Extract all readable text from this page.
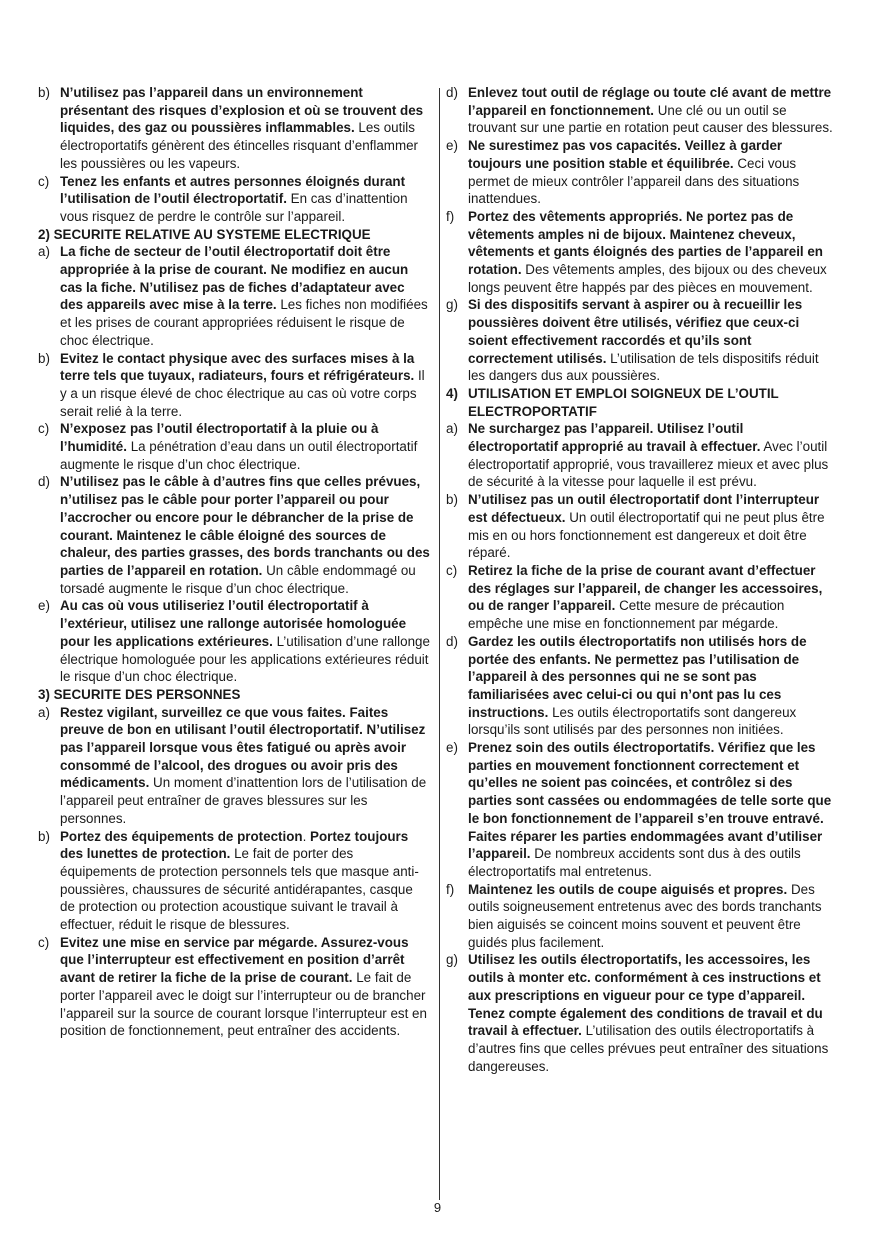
b) N’utilisez pas l’appareil dans un environnement présentant des risques d’explosion et où se trouvent des liquides, des gaz ou poussières inflammables. Les outils électroportatifs génèrent des étincelles risquant d’enflammer les poussières ou les vapeurs.
c) Tenez les enfants et autres personnes éloignés durant l’utilisation de l’outil électroportatif. En cas d’inattention vous risquez de perdre le contrôle sur l’appareil.
2) SECURITE RELATIVE AU SYSTEME ELECTRIQUE
a) La fiche de secteur de l’outil électroportatif doit être appropriée à la prise de courant. Ne modifiez en aucun cas la fiche. N’utilisez pas de fiches d’adaptateur avec des appareils avec mise à la terre. Les fiches non modifiées et les prises de courant appropriées réduisent le risque de choc électrique.
b) Evitez le contact physique avec des surfaces mises à la terre tels que tuyaux, radiateurs, fours et réfrigérateurs. Il y a un risque élevé de choc électrique au cas où votre corps serait relié à la terre.
c) N’exposez pas l’outil électroportatif à la pluie ou à l’humidité. La pénétration d’eau dans un outil électroportatif augmente le risque d’un choc électrique.
d) N’utilisez pas le câble à d’autres fins que celles prévues, n’utilisez pas le câble pour porter l’appareil ou pour l’accrocher ou encore pour le débrancher de la prise de courant. Maintenez le câble éloigné des sources de chaleur, des parties grasses, des bords tranchants ou des parties de l’appareil en rotation. Un câble endommagé ou torsadé augmente le risque d’un choc électrique.
e) Au cas où vous utiliseriez l’outil électroportatif à l’extérieur, utilisez une rallonge autorisée homologuée pour les applications extérieures. L’utilisation d’une rallonge électrique homologuée pour les applications extérieures réduit le risque d’un choc électrique.
3) SECURITE DES PERSONNES
a) Restez vigilant, surveillez ce que vous faites. Faites preuve de bon en utilisant l’outil électroportatif. N’utilisez pas l’appareil lorsque vous êtes fatigué ou après avoir consommé de l’alcool, des drogues ou avoir pris des médicaments. Un moment d’inattention lors de l’utilisation de l’appareil peut entraîner de graves blessures sur les personnes.
b) Portez des équipements de protection. Portez toujours des lunettes de protection. Le fait de porter des équipements de protection personnels tels que masque anti-poussières, chaussures de sécurité antidérapantes, casque de protection ou protection acoustique suivant le travail à effectuer, réduit le risque de blessures.
c) Evitez une mise en service par mégarde. Assurez-vous que l’interrupteur est effectivement en position d’arrêt avant de retirer la fiche de la prise de courant. Le fait de porter l’appareil avec le doigt sur l’interrupteur ou de brancher l’appareil sur la source de courant lorsque l’interrupteur est en position de fonctionnement, peut entraîner des accidents.
d) Enlevez tout outil de réglage ou toute clé avant de mettre l’appareil en fonctionnement. Une clé ou un outil se trouvant sur une partie en rotation peut causer des blessures.
e) Ne surestimez pas vos capacités. Veillez à garder toujours une position stable et équilibrée. Ceci vous permet de mieux contrôler l’appareil dans des situations inattendues.
f) Portez des vêtements appropriés. Ne portez pas de vêtements amples ni de bijoux. Maintenez cheveux, vêtements et gants éloignés des parties de l’appareil en rotation. Des vêtements amples, des bijoux ou des cheveux longs peuvent être happés par des pièces en mouvement.
g) Si des dispositifs servant à aspirer ou à recueillir les poussières doivent être utilisés, vérifiez que ceux-ci soient effectivement raccordés et qu’ils sont correctement utilisés. L’utilisation de tels dispositifs réduit les dangers dus aux poussières.
4) UTILISATION ET EMPLOI SOIGNEUX DE L’OUTIL ELECTROPORTATIF
a) Ne surchargez pas l’appareil. Utilisez l’outil électroportatif approprié au travail à effectuer. Avec l’outil électroportatif approprié, vous travaillerez mieux et avec plus de sécurité à la vitesse pour laquelle il est prévu.
b) N’utilisez pas un outil électroportatif dont l’interrupteur est défectueux. Un outil électroportatif qui ne peut plus être mis en ou hors fonctionnement est dangereux et doit être réparé.
c) Retirez la fiche de la prise de courant avant d’effectuer des réglages sur l’appareil, de changer les accessoires, ou de ranger l’appareil. Cette mesure de précaution empêche une mise en fonctionnement par mégarde.
d) Gardez les outils électroportatifs non utilisés hors de portée des enfants. Ne permettez pas l’utilisation de l’appareil à des personnes qui ne se sont pas familiarisées avec celui-ci ou qui n’ont pas lu ces instructions. Les outils électroportatifs sont dangereux lorsqu’ils sont utilisés par des personnes non initiées.
e) Prenez soin des outils électroportatifs. Vérifiez que les parties en mouvement fonctionnent correctement et qu’elles ne soient pas coincées, et contrôlez si des parties sont cassées ou endommagées de telle sorte que le bon fonctionnement de l’appareil s’en trouve entravé. Faites réparer les parties endommagées avant d’utiliser l’appareil. De nombreux accidents sont dus à des outils électroportatifs mal entretenus.
f) Maintenez les outils de coupe aiguisés et propres. Des outils soigneusement entretenus avec des bords tranchants bien aiguisés se coincent moins souvent et peuvent être guidés plus facilement.
g) Utilisez les outils électroportatifs, les accessoires, les outils à monter etc. conformément à ces instructions et aux prescriptions en vigueur pour ce type d’appareil. Tenez compte également des conditions de travail et du travail à effectuer. L’utilisation des outils électroportatifs à d’autres fins que celles prévues peut entraîner des situations dangereuses.
9
